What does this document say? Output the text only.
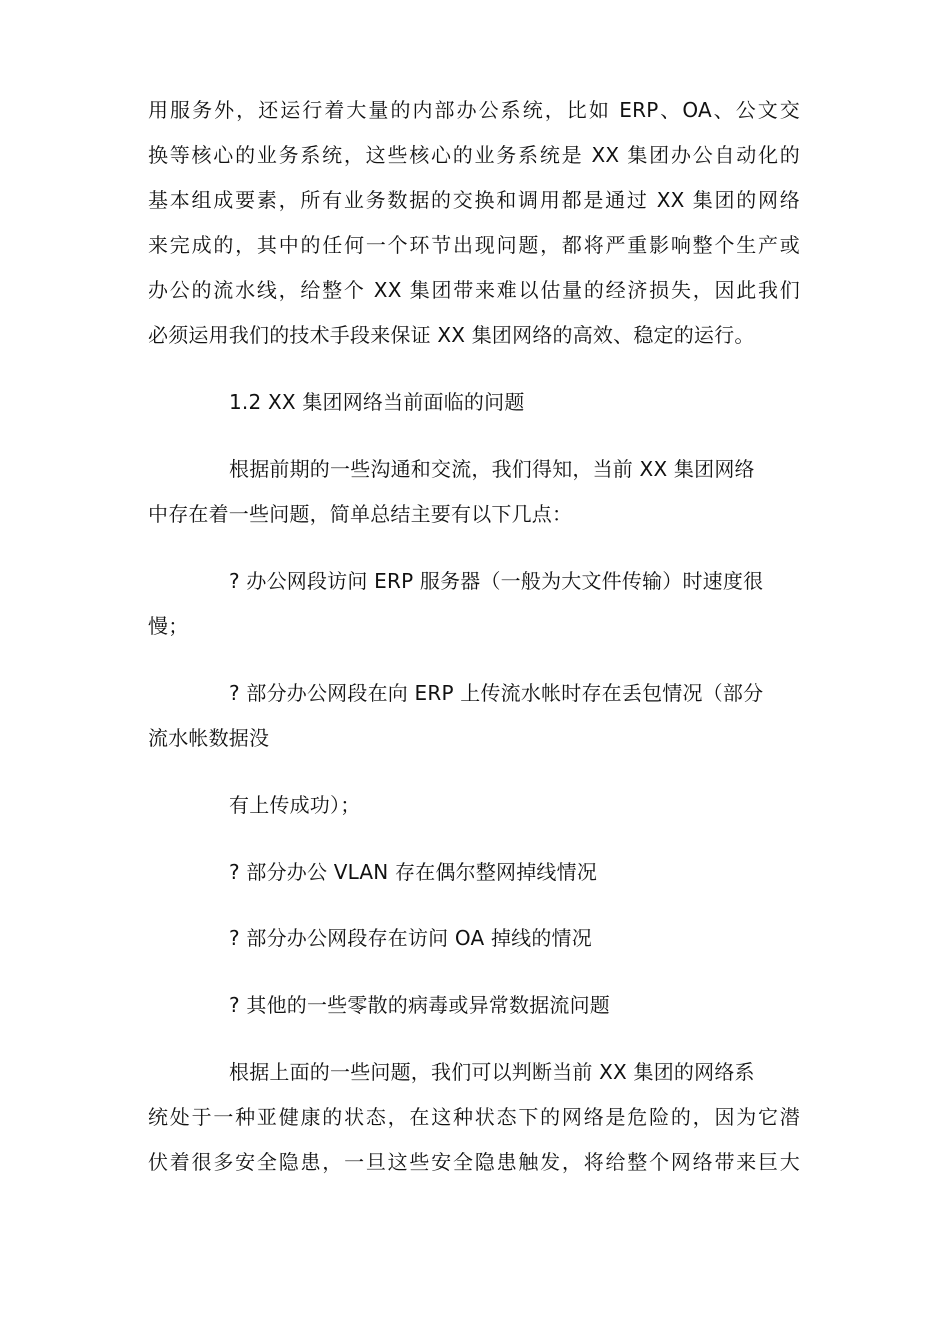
用服务外，还运行着大量的内部办公系统，比如 ERP、OA、公文交
换等核心的业务系统，这些核心的业务系统是 XX 集团办公自动化的
基本组成要素，所有业务数据的交换和调用都是通过 XX 集团的网络
来完成的，其中的任何一个环节出现问题，都将严重影响整个生产或
办公的流水线，给整个 XX 集团带来难以估量的经济损失，因此我们
必须运用我们的技术手段来保证 XX 集团网络的高效、稳定的运行。
1.2 XX 集团网络当前面临的问题
根据前期的一些沟通和交流，我们得知，当前 XX 集团网络
中存在着一些问题，简单总结主要有以下几点：
? 办公网段访问 ERP 服务器（一般为大文件传输）时速度很
慢；
? 部分办公网段在向 ERP 上传流水帐时存在丢包情况（部分
流水帐数据没
有上传成功）；
? 部分办公 VLAN 存在偶尔整网掉线情况
? 部分办公网段存在访问 OA 掉线的情况
? 其他的一些零散的病毒或异常数据流问题
根据上面的一些问题，我们可以判断当前 XX 集团的网络系
统处于一种亚健康的状态，在这种状态下的网络是危险的，因为它潜
伏着很多安全隐患，一旦这些安全隐患触发，将给整个网络带来巨大
